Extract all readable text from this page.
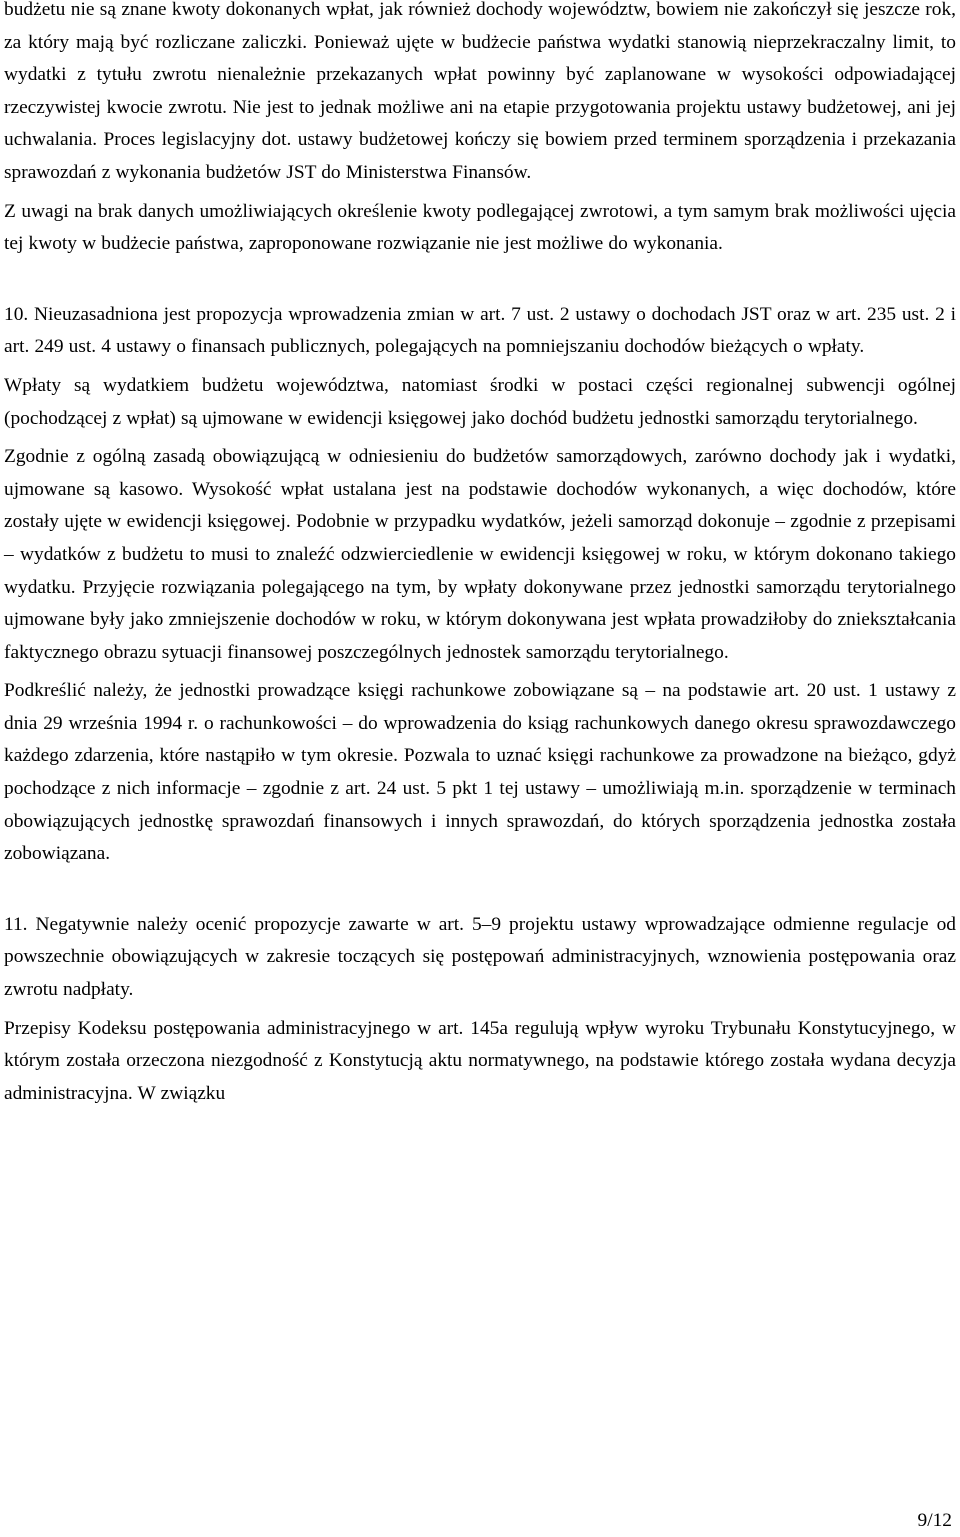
budżetu nie są znane kwoty dokonanych wpłat, jak również dochody województw, bowiem nie zakończył się jeszcze rok, za który mają być rozliczane zaliczki. Ponieważ ujęte w budżecie państwa wydatki stanowią nieprzekraczalny limit, to wydatki z tytułu zwrotu nienależnie przekazanych wpłat powinny być zaplanowane w wysokości odpowiadającej rzeczywistej kwocie zwrotu. Nie jest to jednak możliwe ani na etapie przygotowania projektu ustawy budżetowej, ani jej uchwalania. Proces legislacyjny dot. ustawy budżetowej kończy się bowiem przed terminem sporządzenia i przekazania sprawozdań z wykonania budżetów JST do Ministerstwa Finansów.

Z uwagi na brak danych umożliwiających określenie kwoty podlegającej zwrotowi, a tym samym brak możliwości ujęcia tej kwoty w budżecie państwa, zaproponowane rozwiązanie nie jest możliwe do wykonania.

10. Nieuzasadniona jest propozycja wprowadzenia zmian w art. 7 ust. 2 ustawy o dochodach JST oraz w art. 235 ust. 2 i art. 249 ust. 4 ustawy o finansach publicznych, polegających na pomniejszaniu dochodów bieżących o wpłaty.

Wpłaty są wydatkiem budżetu województwa, natomiast środki w postaci części regionalnej subwencji ogólnej (pochodzącej z wpłat) są ujmowane w ewidencji księgowej jako dochód budżetu jednostki samorządu terytorialnego.

Zgodnie z ogólną zasadą obowiązującą w odniesieniu do budżetów samorządowych, zarówno dochody jak i wydatki, ujmowane są kasowo. Wysokość wpłat ustalana jest na podstawie dochodów wykonanych, a więc dochodów, które zostały ujęte w ewidencji księgowej. Podobnie w przypadku wydatków, jeżeli samorząd dokonuje – zgodnie z przepisami – wydatków z budżetu to musi to znaleźć odzwierciedlenie w ewidencji księgowej w roku, w którym dokonano takiego wydatku. Przyjęcie rozwiązania polegającego na tym, by wpłaty dokonywane przez jednostki samorządu terytorialnego ujmowane były jako zmniejszenie dochodów w roku, w którym dokonywana jest wpłata prowadziłoby do zniekształcania faktycznego obrazu sytuacji finansowej poszczególnych jednostek samorządu terytorialnego.

Podkreślić należy, że jednostki prowadzące księgi rachunkowe zobowiązane są – na podstawie art. 20 ust. 1 ustawy z dnia 29 września 1994 r. o rachunkowości – do wprowadzenia do ksiąg rachunkowych danego okresu sprawozdawczego każdego zdarzenia, które nastąpiło w tym okresie. Pozwala to uznać księgi rachunkowe za prowadzone na bieżąco, gdyż pochodzące z nich informacje – zgodnie z art. 24 ust. 5 pkt 1 tej ustawy – umożliwiają m.in. sporządzenie w terminach obowiązujących jednostkę sprawozdań finansowych i innych sprawozdań, do których sporządzenia jednostka została zobowiązana.

11. Negatywnie należy ocenić propozycje zawarte w art. 5–9 projektu ustawy wprowadzające odmienne regulacje od powszechnie obowiązujących w zakresie toczących się postępowań administracyjnych, wznowienia postępowania oraz zwrotu nadpłaty.

Przepisy Kodeksu postępowania administracyjnego w art. 145a regulują wpływ wyroku Trybunału Konstytucyjnego, w którym została orzeczona niezgodność z Konstytucją aktu normatywnego, na podstawie którego została wydana decyzja administracyjna. W związku

9/12
